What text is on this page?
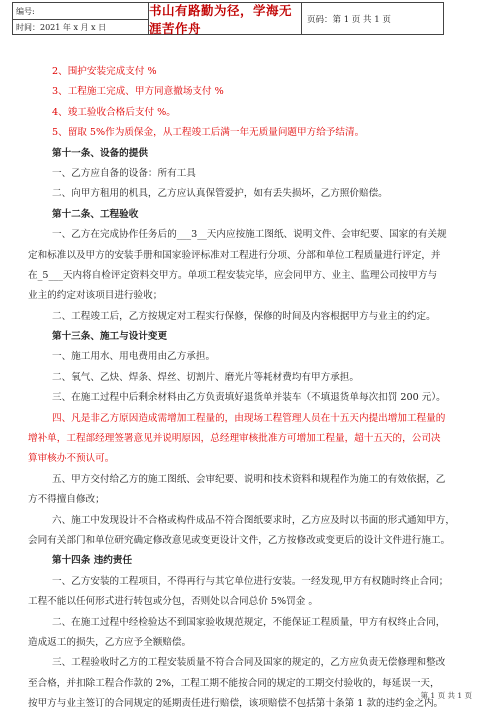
编号:
时间：2021 年 x 月 x 日
书山有路勤为径，学海无涯苦作舟
页码：第 1 页 共 1 页
2、围护安装完成支付 %
3、工程施工完成、甲方同意撤场支付 %
4、竣工验收合格后支付 %。
5、留取 5%作为质保金，从工程竣工后满一年无质量问题甲方给予结清。
第十一条、设备的提供
一、乙方应自备的设备：所有工具
二、向甲方租用的机具，乙方应认真保管爱护，如有丢失损坏，乙方照价赔偿。
第十二条、工程验收
一、乙方在完成协作任务后的___3__天内应按施工图纸、说明文件、会审纪要、国家的有关规
定和标准以及甲方的安装手册和国家验评标准对工程进行分项、分部和单位工程质量进行评定，并
在_5___天内将自检评定资料交甲方。单项工程安装完毕，应会同甲方、业主、监理公司按甲方与
业主的约定对该项目进行验收；
二、工程竣工后，乙方按规定对工程实行保修，保修的时间及内容根据甲方与业主的约定。
第十三条、施工与设计变更
一、施工用水、用电费用由乙方承担。
二、氧气、乙炔、焊条、焊丝、切割片、磨光片等耗材费均有甲方承担。
三、在施工过程中后剩余材料由乙方负责填好退货单并装车（不填退货单每次扣罚 200 元）。
四、凡是非乙方原因造成需增加工程量的，由现场工程管理人员在十五天内提出增加工程量的
增补单，工程部经理签署意见并说明原因，总经理审核批准方可增加工程量，超十五天的，公司决
算审核办不预认可。
五、甲方交付给乙方的施工图纸、会审纪要、说明和技术资料和规程作为施工的有效依据，乙
方不得擅自修改；
六、施工中发现设计不合格或构件成品不符合图纸要求时，乙方应及时以书面的形式通知甲方，
会同有关部门和单位研究确定修改意见或变更设计文件，乙方按修改或变更后的设计文件进行施工。
第十四条 违约责任
一、乙方安装的工程项目，不得再行与其它单位进行安装。一经发现,甲方有权随时终止合同；
工程不能以任何形式进行转包或分包，否则处以合同总价 5%罚金 。
二、在施工过程中经检验达不到国家验收规范规定，不能保证工程质量，甲方有权终止合同，
造成返工的损失，乙方应予全额赔偿。
三、工程验收时乙方的工程安装质量不符合合同及国家的规定的，乙方应负责无偿修理和整改
至合格，并扣除工程合作款的 2%，工程工期不能按合同的规定的工期交付验收的，每延误一天，
按甲方与业主签订的合同规定的延期责任进行赔偿，该项赔偿不包括第十条第 1 款的违约金之内。
第 1 页 共 1 页
